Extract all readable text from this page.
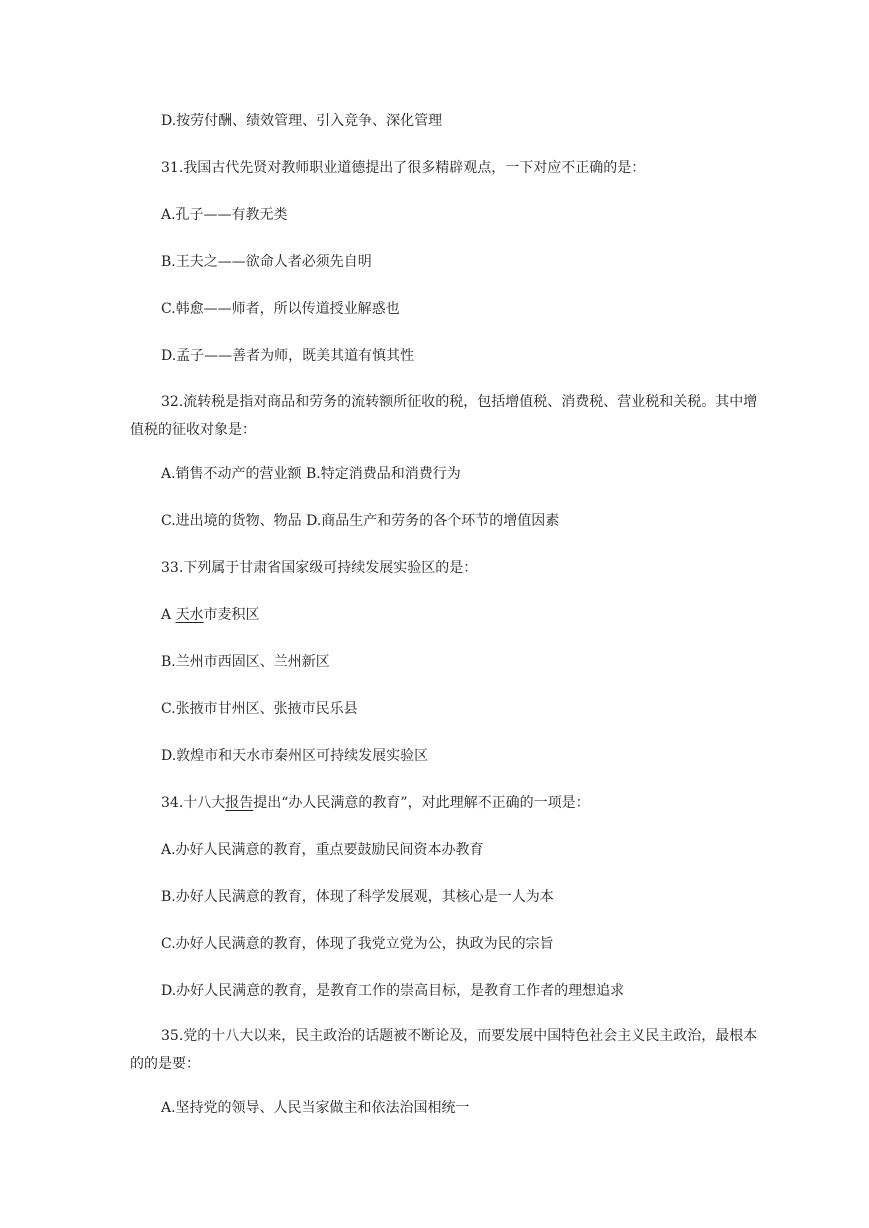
D.按劳付酬、绩效管理、引入竞争、深化管理
31.我国古代先贤对教师职业道德提出了很多精辟观点，一下对应不正确的是：
A.孔子——有教无类
B.王夫之——欲命人者必须先自明
C.韩愈——师者，所以传道授业解惑也
D.孟子——善者为师，既美其道有慎其性
32.流转税是指对商品和劳务的流转额所征收的税，包括增值税、消费税、营业税和关税。其中增值税的征收对象是：
A.销售不动产的营业额 B.特定消费品和消费行为
C.进出境的货物、物品 D.商品生产和劳务的各个环节的增值因素
33.下列属于甘肃省国家级可持续发展实验区的是：
A 天水市麦积区
B.兰州市西固区、兰州新区
C.张掖市甘州区、张掖市民乐县
D.敦煌市和天水市秦州区可持续发展实验区
34.十八大报告提出“办人民满意的教育”，对此理解不正确的一项是：
A.办好人民满意的教育，重点要鼓励民间资本办教育
B.办好人民满意的教育，体现了科学发展观，其核心是一人为本
C.办好人民满意的教育，体现了我党立党为公，执政为民的宗旨
D.办好人民满意的教育，是教育工作的崇高目标，是教育工作者的理想追求
35.党的十八大以来，民主政治的话题被不断论及，而要发展中国特色社会主义民主政治，最根本的的是要：
A.坚持党的领导、人民当家做主和依法治国相统一
